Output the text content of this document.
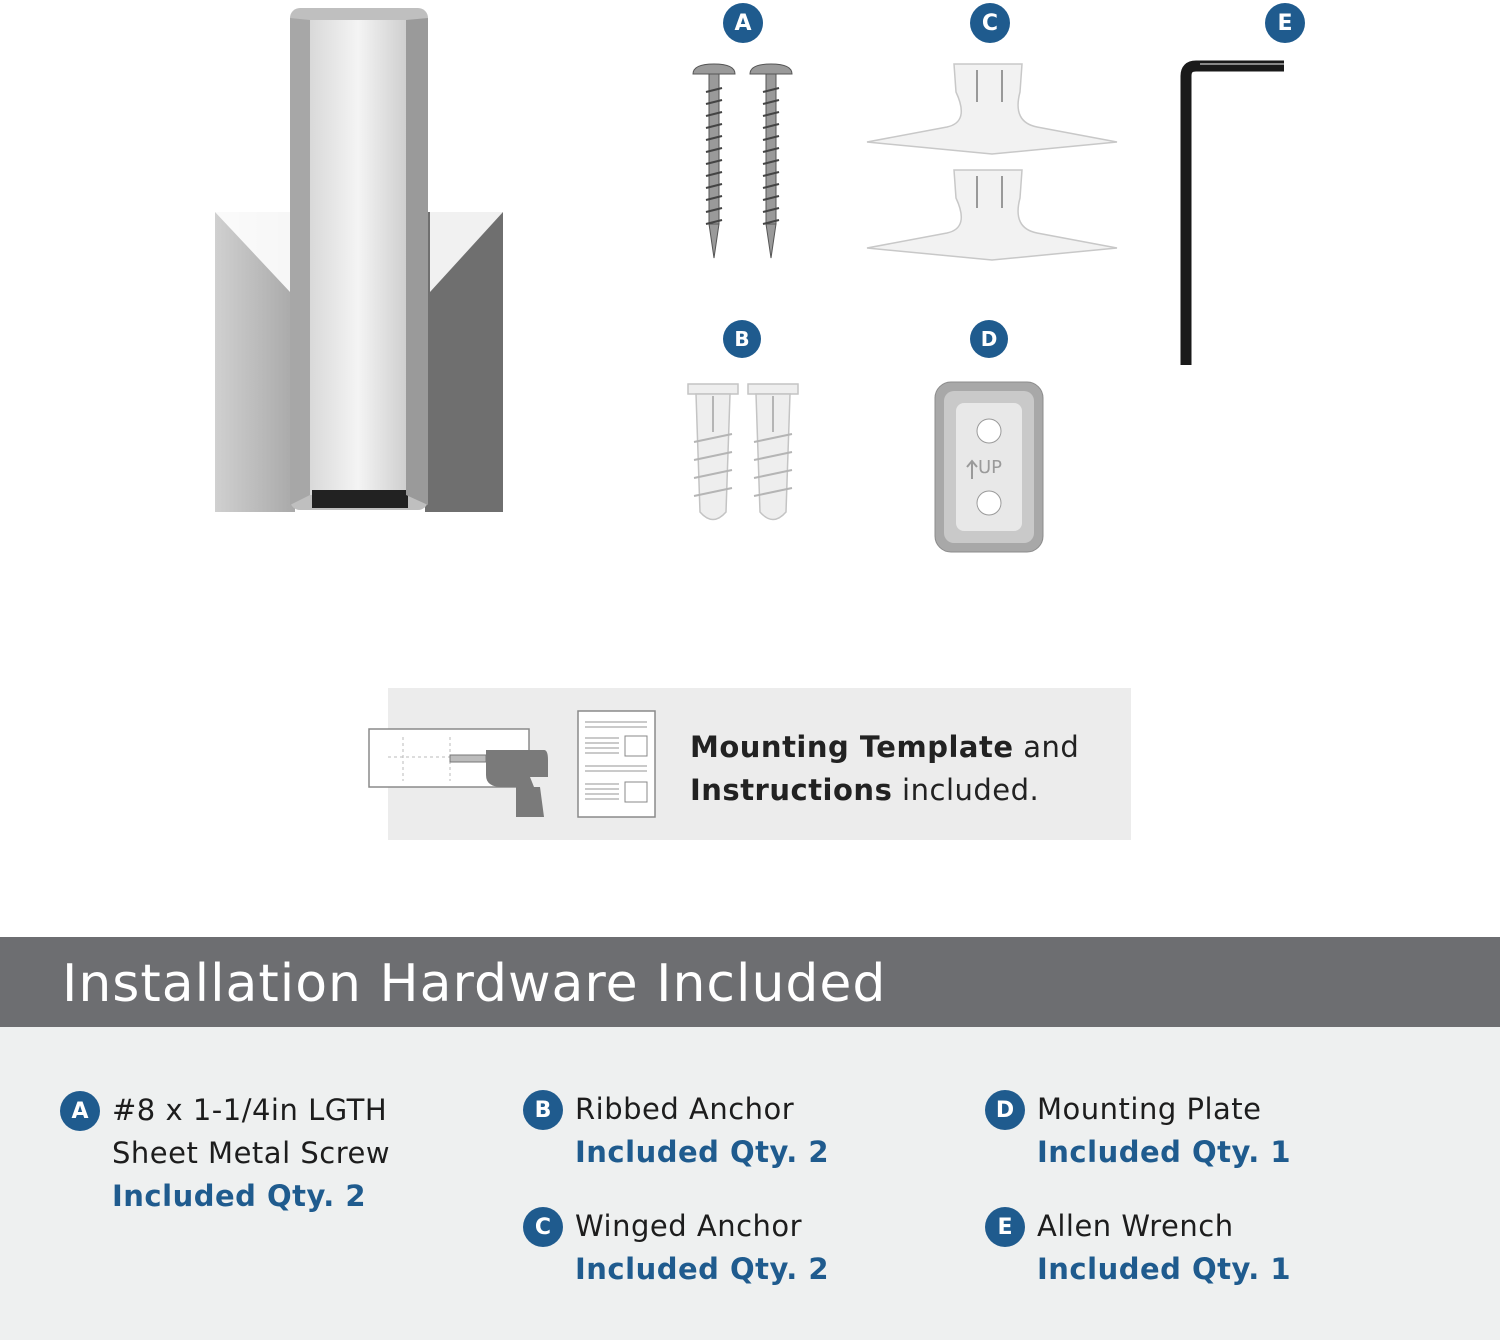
A	C	E
B	D
UP
Mounting Template and
Instructions included.
Installation Hardware Included
A #8 x 1-1/4in LGTH
Sheet Metal Screw
Included Qty. 2
B Ribbed Anchor
Included Qty. 2
C Winged Anchor
Included Qty. 2
D Mounting Plate
Included Qty. 1
E Allen Wrench
Included Qty. 1
